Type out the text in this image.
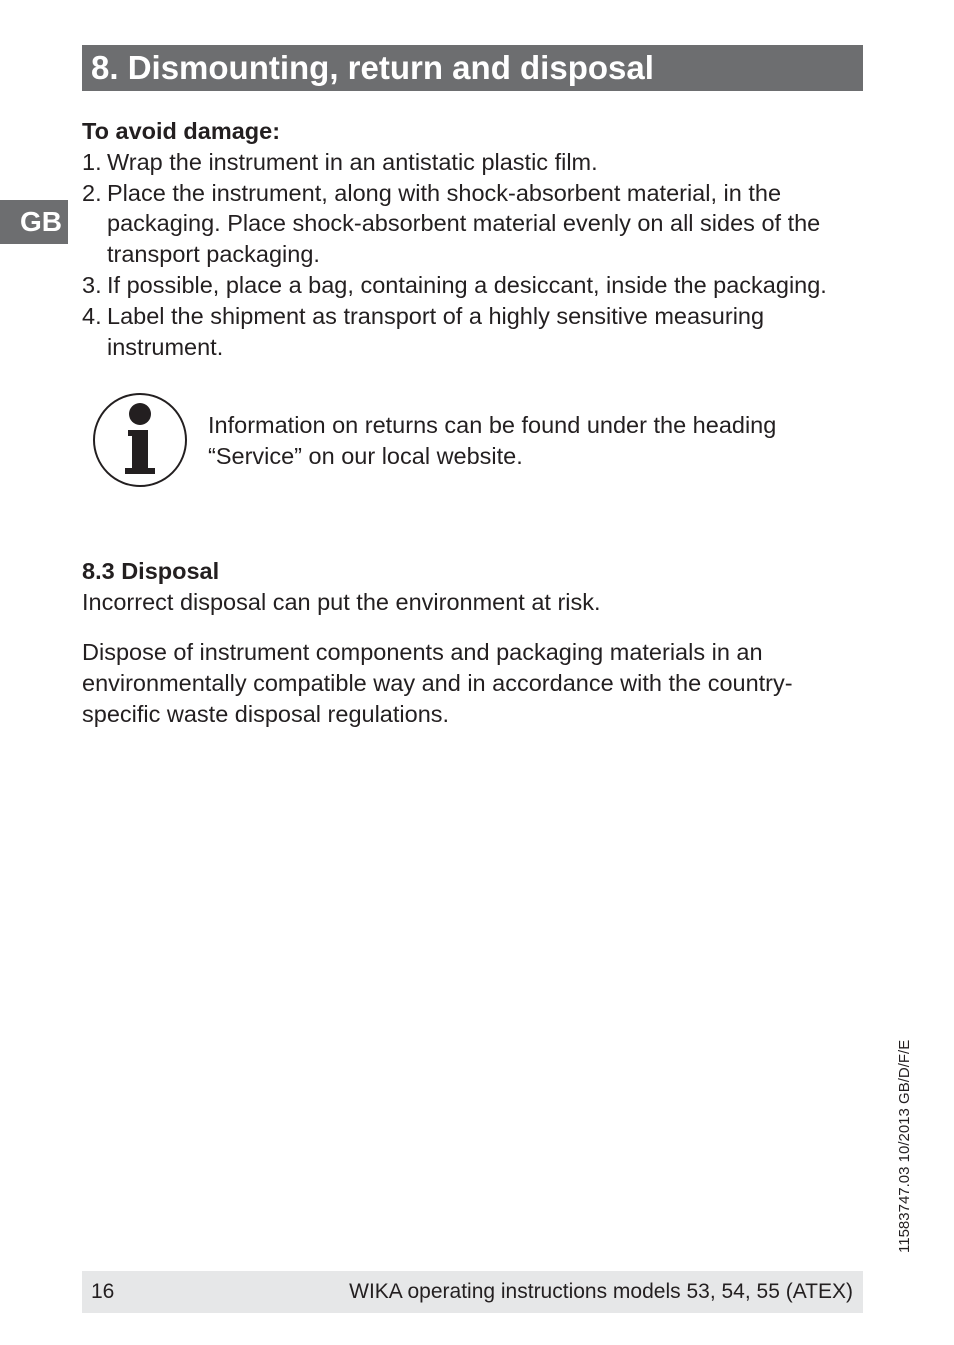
8. Dismounting, return and disposal
GB

To avoid damage:

1. Wrap the instrument in an antistatic plastic film.
2. Place the instrument, along with shock-absorbent material, in the packaging. Place shock-absorbent material evenly on all sides of the transport packaging.
3. If possible, place a bag, containing a desiccant, inside the packaging.
4. Label the shipment as transport of a highly sensitive measuring instrument.

Information on returns can be found under the heading “Service” on our local website.

8.3 Disposal

Incorrect disposal can put the environment at risk.

Dispose of instrument components and packaging materials in an environmentally compatible way and in accordance with the country-specific waste disposal regulations.

11583747.03 10/2013 GB/D/F/E
16	WIKA operating instructions models 53, 54, 55 (ATEX)
